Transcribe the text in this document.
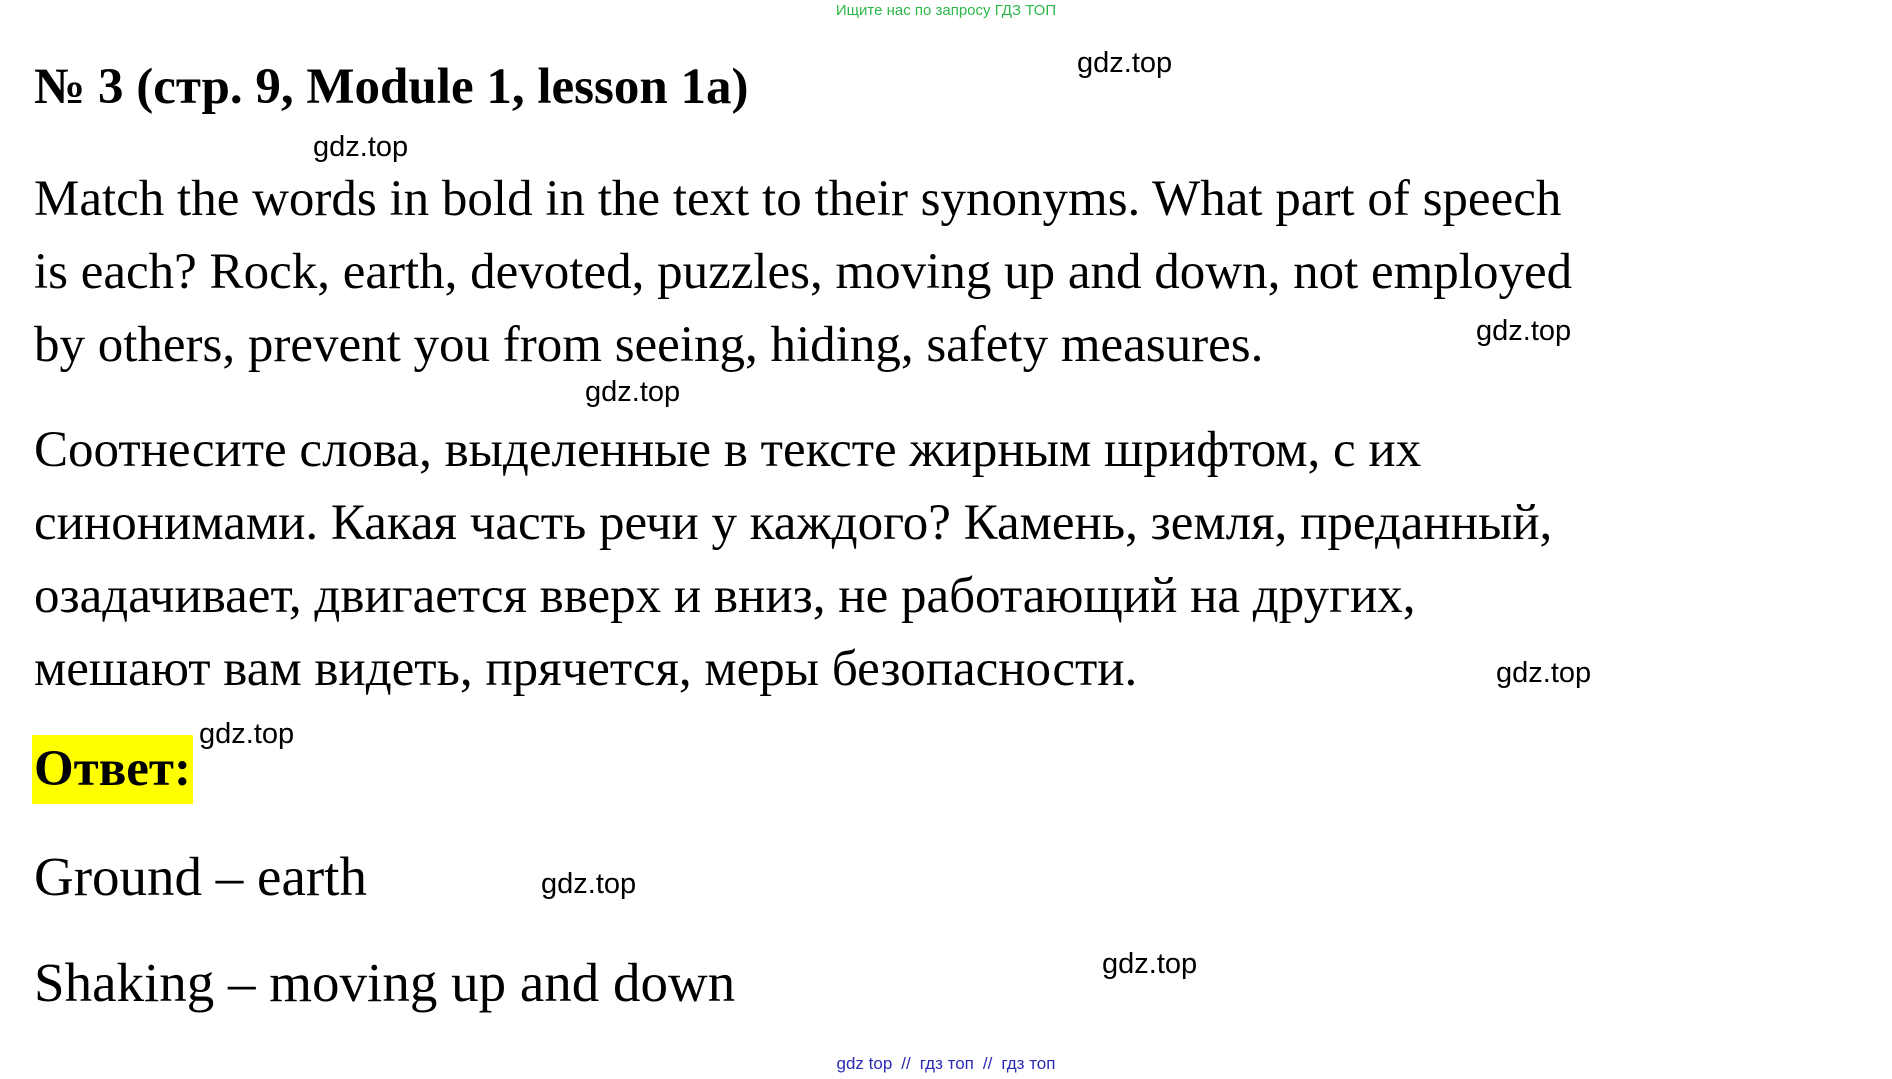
Ищите нас по запросу ГДЗ ТОП
№ 3 (стр. 9, Module 1, lesson 1a)
Match the words in bold in the text to their synonyms. What part of speech
is each? Rock, earth, devoted, puzzles, moving up and down, not employed
by others, prevent you from seeing, hiding, safety measures.
Соотнесите слова, выделенные в тексте жирным шрифтом, с их
синонимами. Какая часть речи у каждого? Камень, земля, преданный,
озадачивает, двигается вверх и вниз, не работающий на других,
мешают вам видеть, прячется, меры безопасности.
Ответ:
Ground – earth
Shaking – moving up and down
gdz.top
gdz.top
gdz.top
gdz.top
gdz.top
gdz.top
gdz.top
gdz.top
gdz top // гдз топ // гдз топ
